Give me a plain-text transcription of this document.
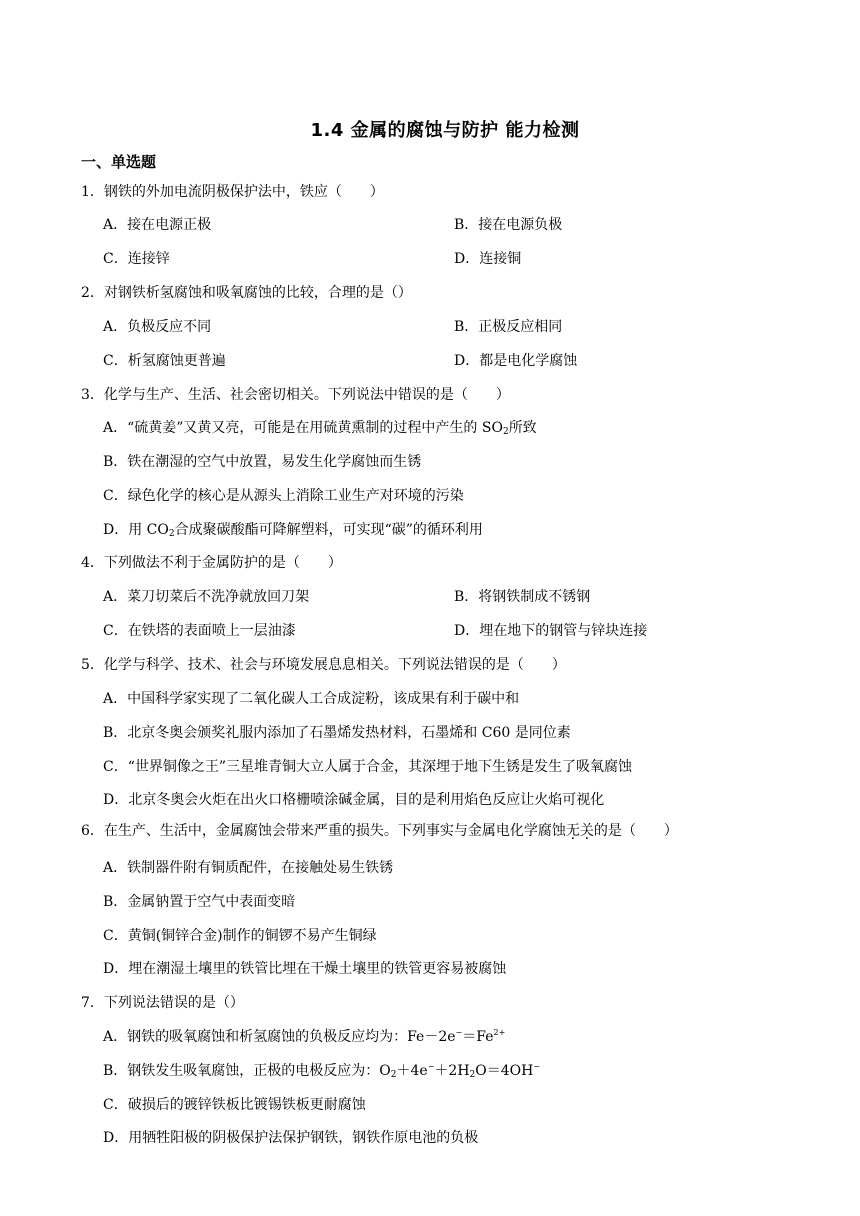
1.4 金属的腐蚀与防护 能力检测
一、单选题
1．钢铁的外加电流阴极保护法中，铁应（　　）
A．接在电源正极	B．接在电源负极
C．连接锌	D．连接铜
2．对钢铁析氢腐蚀和吸氧腐蚀的比较，合理的是（）
A．负极反应不同	B．正极反应相同
C．析氢腐蚀更普遍	D．都是电化学腐蚀
3．化学与生产、生活、社会密切相关。下列说法中错误的是（　　）
A．“硫黄姜”又黄又亮，可能是在用硫黄熏制的过程中产生的 $SO_2$所致
B．铁在潮湿的空气中放置，易发生化学腐蚀而生锈
C．绿色化学的核心是从源头上消除工业生产对环境的污染
D．用 $CO_2$合成聚碳酸酯可降解塑料，可实现“碳”的循环利用
4．下列做法不利于金属防护的是（　　）
A．菜刀切菜后不洗净就放回刀架	B．将钢铁制成不锈钢
C．在铁塔的表面喷上一层油漆	D．埋在地下的钢管与锌块连接
5．化学与科学、技术、社会与环境发展息息相关。下列说法错误的是（　　）
A．中国科学家实现了二氧化碳人工合成淀粉，该成果有利于碳中和
B．北京冬奥会颁奖礼服内添加了石墨烯发热材料，石墨烯和 C60 是同位素
C．“世界铜像之王”三星堆青铜大立人属于合金，其深埋于地下生锈是发生了吸氧腐蚀
D．北京冬奥会火炬在出火口格栅喷涂碱金属，目的是利用焰色反应让火焰可视化
6．在生产、生活中，金属腐蚀会带来严重的损失。下列事实与金属电化学腐蚀无关的是（　　）
A．铁制器件附有铜质配件，在接触处易生铁锈
B．金属钠置于空气中表面变暗
C．黄铜(铜锌合金)制作的铜锣不易产生铜绿
D．埋在潮湿土壤里的铁管比埋在干燥土壤里的铁管更容易被腐蚀
7．下列说法错误的是（）
A．钢铁的吸氧腐蚀和析氢腐蚀的负极反应均为：$Fe-2e^-=Fe^{2+}$
B．钢铁发生吸氧腐蚀，正极的电极反应为：$O_2+4e^-+2H_2O=4OH^-$
C．破损后的镀锌铁板比镀锡铁板更耐腐蚀
D．用牺牲阳极的阴极保护法保护钢铁，钢铁作原电池的负极
